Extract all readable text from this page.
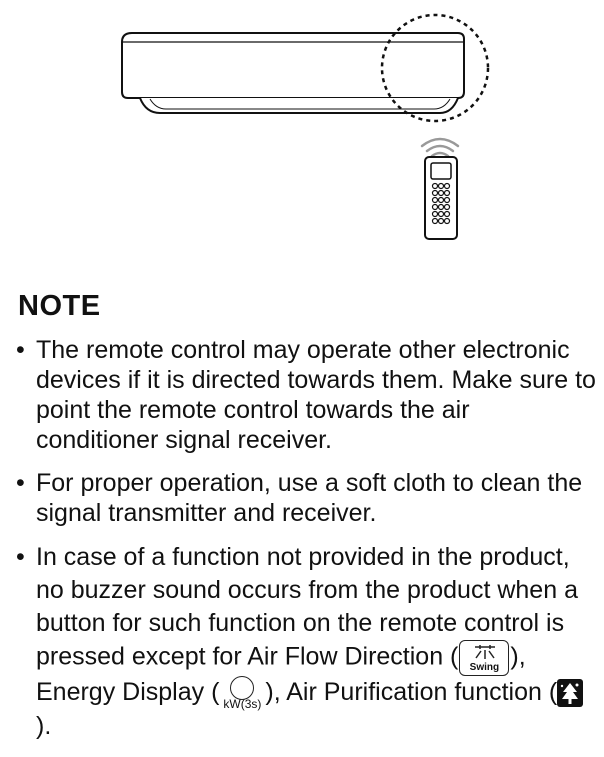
NOTE
• The remote control may operate other electronic devices if it is directed towards them. Make sure to point the remote control towards the air conditioner signal receiver.
• For proper operation, use a soft cloth to clean the signal transmitter and receiver.
• In case of a function not provided in the product, no buzzer sound occurs from the product when a button for such function on the remote control is pressed except for Air Flow Direction (	Swing ), Energy Display ( kW(3s) ), Air Purification function ().
